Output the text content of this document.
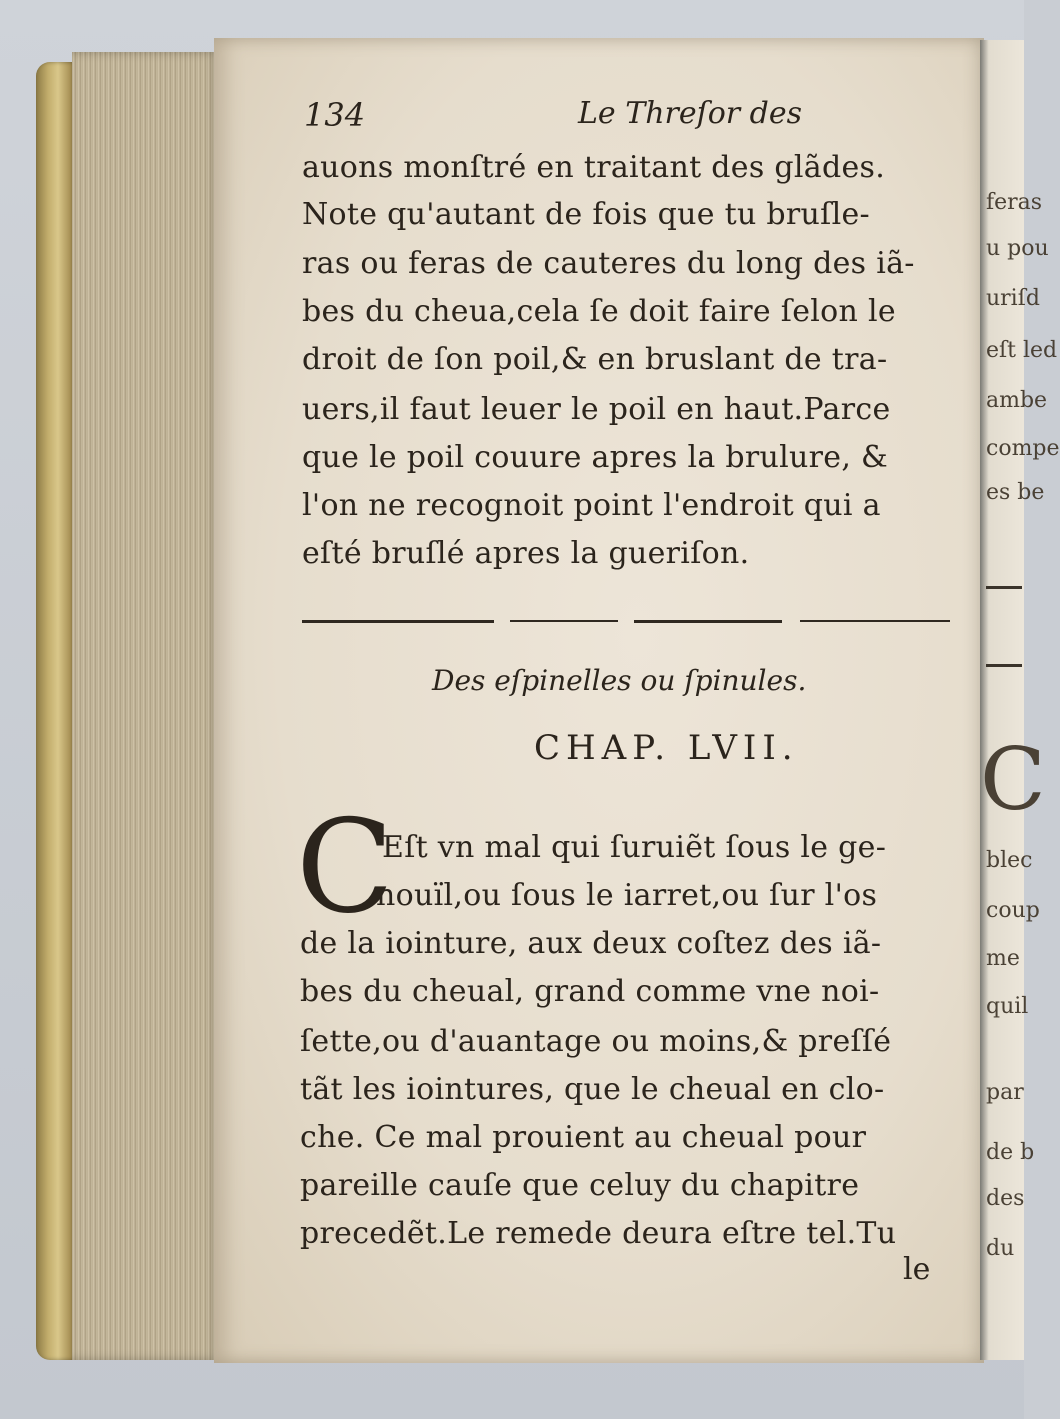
feras
u pou
uriſd
eſt led
ambe
compe
es be
C
blec
coup
me
quil
par
de b
des
du
134	Le Threſor des
auons monſtré en traitant des glãdes.
Note qu'autant de fois que tu bruſle-
ras ou feras de cauteres du long des iã-
bes du cheua,cela ſe doit faire ſelon le
droit de ſon poil,& en bruslant de tra-
uers,il faut leuer le poil en haut.Parce
que le poil couure apres la brulure, &
l'on ne recognoit point l'endroit qui a
eſté bruſlé apres la gueriſon.
Des eſpinelles ou ſpinules.
CHAP. LVII.
C
Eſt vn mal qui ſuruiẽt ſous le ge-
nouïl,ou ſous le iarret,ou ſur l'os
de la iointure, aux deux coſtez des iã-
bes du cheual, grand comme vne noi-
ſette,ou d'auantage ou moins,& preſſé
tãt les iointures, que le cheual en clo-
che. Ce mal prouient au cheual pour
pareille cauſe que celuy du chapitre
precedẽt.Le remede deura eſtre tel.Tu
le
